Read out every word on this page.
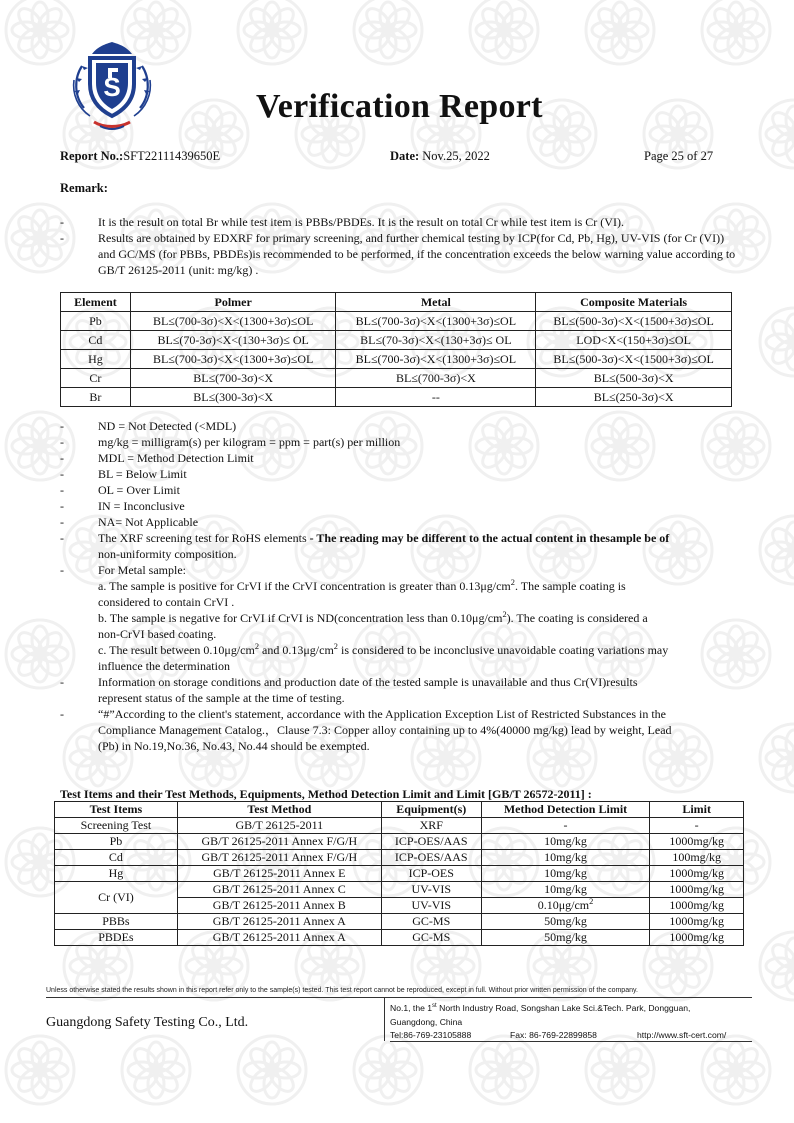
S
Verification Report
Report No.:SFT22111439650E	Date: Nov.25, 2022	Page 25 of 27
Remark:
-	It is the result on total Br while test item is PBBs/PBDEs. It is the result on total Cr while test item is Cr (VI).
-	Results are obtained by EDXRF for primary screening, and further chemical testing by ICP(for Cd, Pb, Hg), UV-VIS (for Cr (VI)) and GC/MS (for PBBs, PBDEs)is recommended to be performed, if the concentration exceeds the below warning value according to GB/T 26125-2011 (unit: mg/kg) .
Element	Polmer	Metal	Composite Materials
Pb	BL≤(700-3σ)<X<(1300+3σ)≤OL	BL≤(700-3σ)<X<(1300+3σ)≤OL	BL≤(500-3σ)<X<(1500+3σ)≤OL
Cd	BL≤(70-3σ)<X<(130+3σ)≤ OL	BL≤(70-3σ)<X<(130+3σ)≤ OL	LOD<X<(150+3σ)≤OL
Hg	BL≤(700-3σ)<X<(1300+3σ)≤OL	BL≤(700-3σ)<X<(1300+3σ)≤OL	BL≤(500-3σ)<X<(1500+3σ)≤OL
Cr	BL≤(700-3σ)<X	BL≤(700-3σ)<X	BL≤(500-3σ)<X
Br	BL≤(300-3σ)<X	--	BL≤(250-3σ)<X
-	ND = Not Detected (<MDL)
-	mg/kg = milligram(s) per kilogram = ppm = part(s) per million
-	MDL = Method Detection Limit
-	BL = Below Limit
-	OL = Over Limit
-	IN = Inconclusive
-	NA= Not Applicable
-	The XRF screening test for RoHS elements - The reading may be different to the actual content in thesample be of
non-uniformity composition.
-	For Metal sample:
a. The sample is positive for CrVI if the CrVI concentration is greater than $0.13\mu g/cm^2$. The sample coating is
considered to contain CrVI .
b. The sample is negative for CrVI if CrVI is ND(concentration less than $0.10\mu g/cm^2$). The coating is considered a
non-CrVI based coating.
c. The result between $0.10\mu g/cm^2$ and $0.13\mu g/cm^2$ is considered to be inconclusive unavoidable coating variations may
influence the determination
-	Information on storage conditions and production date of the tested sample is unavailable and thus Cr(VI)results
represent status of the sample at the time of testing.
-	“#”According to the client's statement, accordance with the Application Exception List of Restricted Substances in the
Compliance Management Catalog.，Clause 7.3: Copper alloy containing up to 4%(40000 mg/kg) lead by weight, Lead
(Pb) in No.19,No.36, No.43, No.44 should be exempted.
Test Items and their Test Methods, Equipments, Method Detection Limit and Limit [GB/T 26572-2011] :
Test Items	Test Method	Equipment(s)	Method Detection Limit	Limit
Screening Test	GB/T 26125-2011	XRF	-	-
Pb	GB/T 26125-2011 Annex F/G/H	ICP-OES/AAS	10mg/kg	1000mg/kg
Cd	GB/T 26125-2011 Annex F/G/H	ICP-OES/AAS	10mg/kg	100mg/kg
Hg	GB/T 26125-2011 Annex E	ICP-OES	10mg/kg	1000mg/kg
Cr (VI)	GB/T 26125-2011 Annex C	UV-VIS	10mg/kg	1000mg/kg
	GB/T 26125-2011 Annex B	UV-VIS	$0.10\mu g/cm^2$	1000mg/kg
PBBs	GB/T 26125-2011 Annex A	GC-MS	50mg/kg	1000mg/kg
PBDEs	GB/T 26125-2011 Annex A	GC-MS	50mg/kg	1000mg/kg
Unless otherwise stated the results shown in this report refer only to the sample(s) tested. This test report cannot be reproduced, except in full. Without prior written permission of the company.
Guangdong Safety Testing Co., Ltd.
No.1, the 1st North Industry Road, Songshan Lake Sci.&Tech. Park, Dongguan,
Guangdong, China
Tel:86-769-23105888	Fax: 86-769-22899858	http://www.sft-cert.com/
